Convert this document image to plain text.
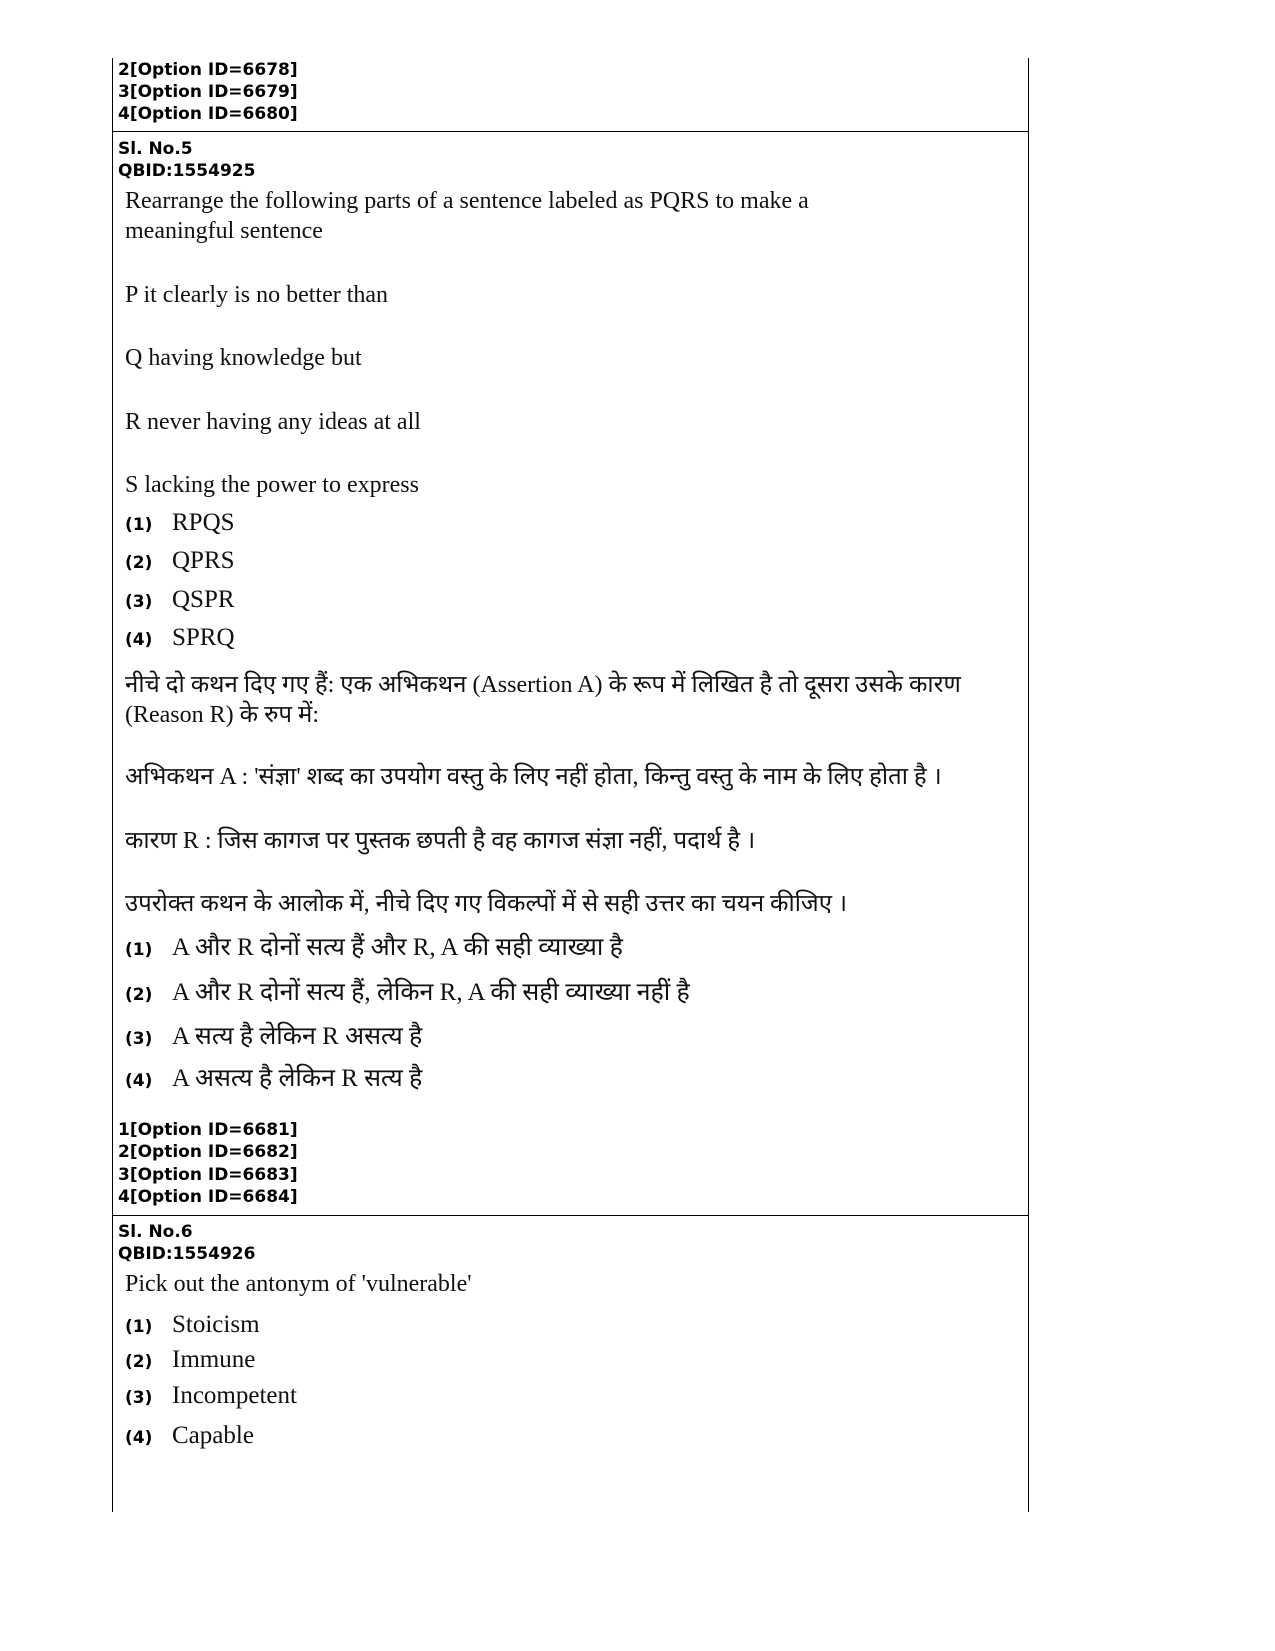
2[Option ID=6678]
3[Option ID=6679]
4[Option ID=6680]
Sl. No.5
QBID:1554925
Rearrange the following parts of a sentence labeled as PQRS to make a
meaningful sentence
P it clearly is no better than
Q having knowledge but
R never having any ideas at all
S lacking the power to express
(1) RPQS
(2) QPRS
(3) QSPR
(4) SPRQ
नीचे दो कथन दिए गए हैं: एक अभिकथन (Assertion A) के रूप में लिखित है तो दूसरा उसके कारण
(Reason R) के रुप में:
अभिकथन A : 'संज्ञा' शब्द का उपयोग वस्तु के लिए नहीं होता, किन्तु वस्तु के नाम के लिए होता है ।
कारण R : जिस कागज पर पुस्तक छपती है वह कागज संज्ञा नहीं, पदार्थ है ।
उपरोक्त कथन के आलोक में, नीचे दिए गए विकल्पों में से सही उत्तर का चयन कीजिए ।
(1) A और R दोनों सत्य हैं और R, A की सही व्याख्या है
(2) A और R दोनों सत्य हैं, लेकिन R, A की सही व्याख्या नहीं है
(3) A सत्य है लेकिन R असत्य है
(4) A असत्य है लेकिन R सत्य है
1[Option ID=6681]
2[Option ID=6682]
3[Option ID=6683]
4[Option ID=6684]
Sl. No.6
QBID:1554926
Pick out the antonym of 'vulnerable'
(1) Stoicism
(2) Immune
(3) Incompetent
(4) Capable
